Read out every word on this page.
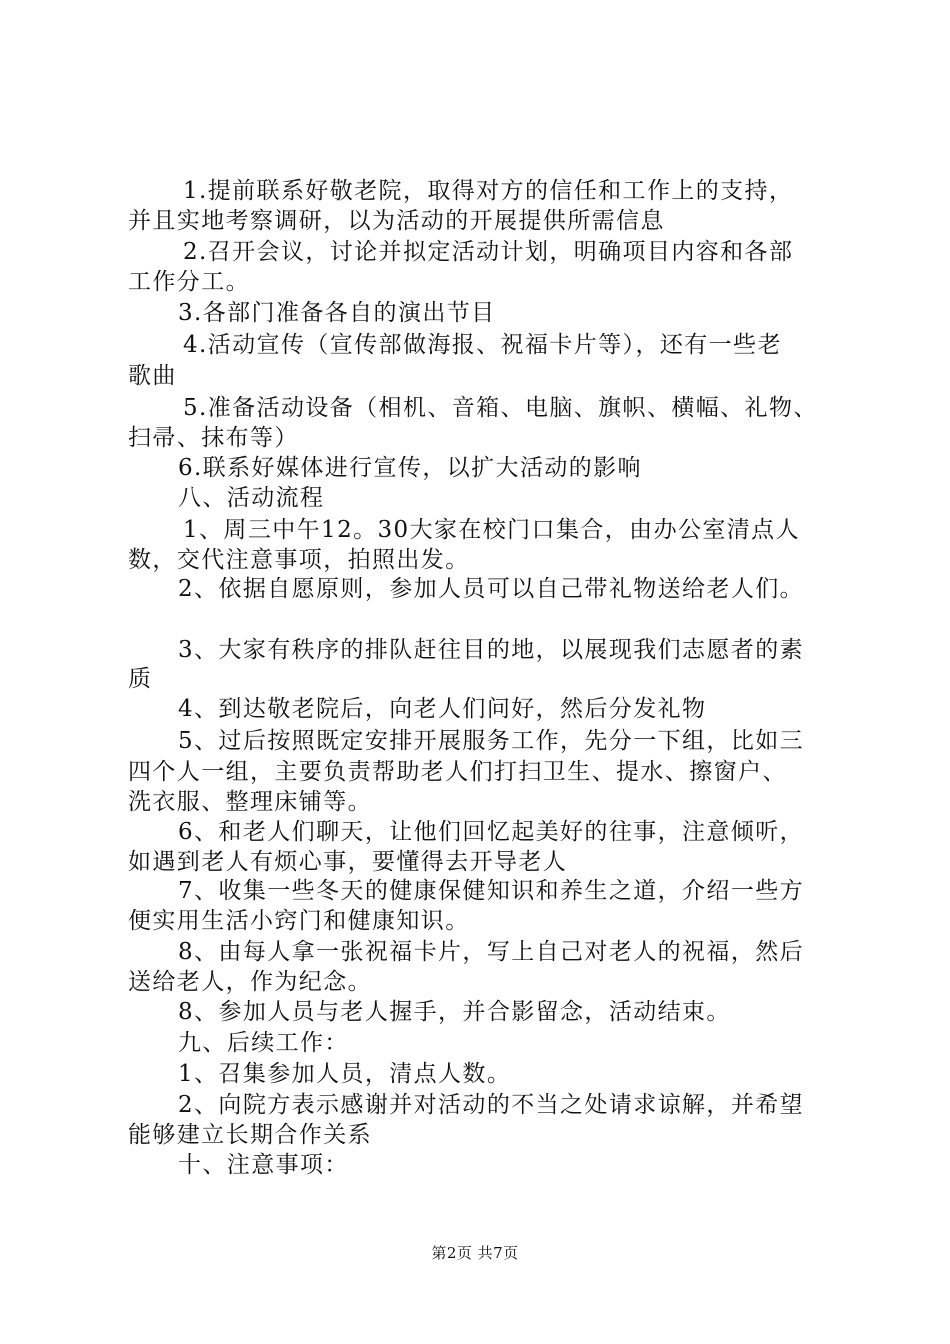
1.提前联系好敬老院，取得对方的信任和工作上的支持，
并且实地考察调研，以为活动的开展提供所需信息
2.召开会议，讨论并拟定活动计划，明确项目内容和各部
工作分工。
3.各部门准备各自的演出节目
4.活动宣传（宣传部做海报、祝福卡片等），还有一些老
歌曲
5.准备活动设备（相机、音箱、电脑、旗帜、横幅、礼物、
扫帚、抹布等）
6.联系好媒体进行宣传，以扩大活动的影响
八、活动流程
1、周三中午12。30大家在校门口集合，由办公室清点人
数，交代注意事项，拍照出发。
2、依据自愿原则，参加人员可以自己带礼物送给老人们。
3、大家有秩序的排队赶往目的地，以展现我们志愿者的素
质
4、到达敬老院后，向老人们问好，然后分发礼物
5、过后按照既定安排开展服务工作，先分一下组，比如三
四个人一组，主要负责帮助老人们打扫卫生、提水、擦窗户、
洗衣服、整理床铺等。
6、和老人们聊天，让他们回忆起美好的往事，注意倾听，
如遇到老人有烦心事，要懂得去开导老人
7、收集一些冬天的健康保健知识和养生之道，介绍一些方
便实用生活小窍门和健康知识。
8、由每人拿一张祝福卡片，写上自己对老人的祝福，然后
送给老人，作为纪念。
8、参加人员与老人握手，并合影留念，活动结束。
九、后续工作：
1、召集参加人员，清点人数。
2、向院方表示感谢并对活动的不当之处请求谅解，并希望
能够建立长期合作关系
十、注意事项：
第2页 共7页
